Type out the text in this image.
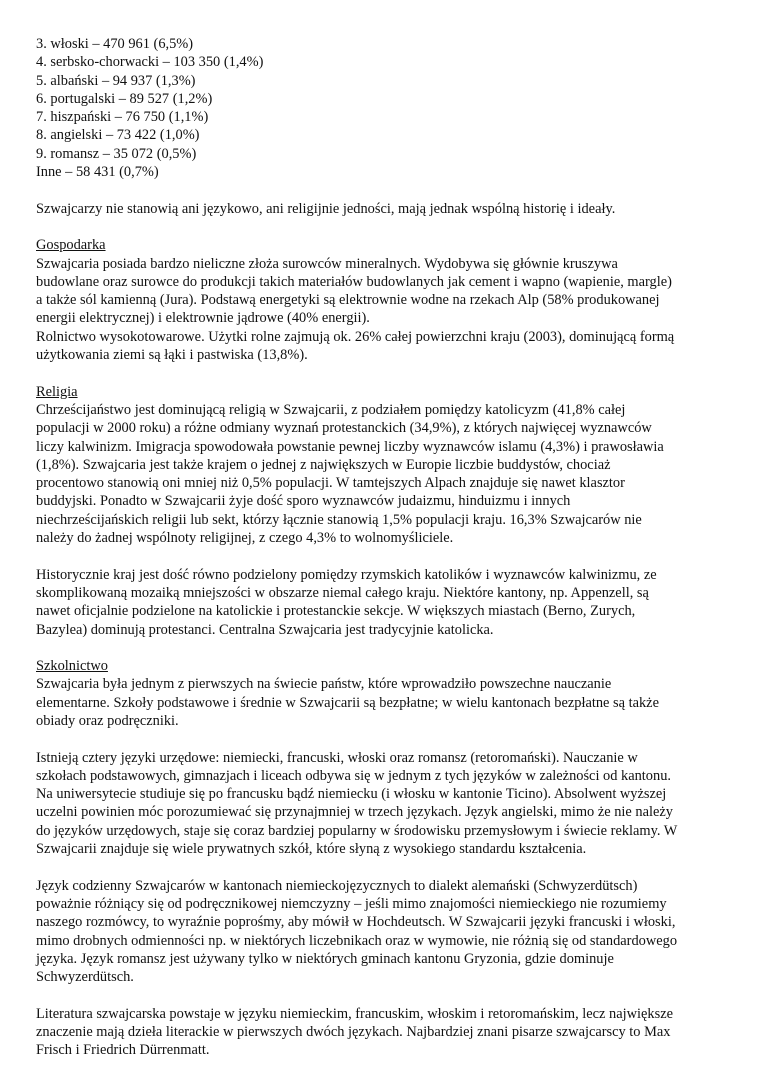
3. włoski – 470 961 (6,5%)
4. serbsko-chorwacki – 103 350 (1,4%)
5. albański – 94 937 (1,3%)
6. portugalski – 89 527 (1,2%)
7. hiszpański – 76 750 (1,1%)
8. angielski – 73 422 (1,0%)
9. romansz – 35 072 (0,5%)
Inne – 58 431 (0,7%)
Szwajcarzy nie stanowią ani językowo, ani religijnie jedności, mają jednak wspólną historię i ideały.
Gospodarka
Szwajcaria posiada bardzo nieliczne złoża surowców mineralnych. Wydobywa się głównie kruszywa
budowlane oraz surowce do produkcji takich materiałów budowlanych jak cement i wapno (wapienie, margle)
a także sól kamienną (Jura). Podstawą energetyki są elektrownie wodne na rzekach Alp (58% produkowanej
energii elektrycznej) i elektrownie jądrowe (40% energii).
Rolnictwo wysokotowarowe. Użytki rolne zajmują ok. 26% całej powierzchni kraju (2003), dominującą formą
użytkowania ziemi są łąki i pastwiska (13,8%).
Religia
Chrześcijaństwo jest dominującą religią w Szwajcarii, z podziałem pomiędzy katolicyzm (41,8% całej
populacji w 2000 roku) a różne odmiany wyznań protestanckich (34,9%), z których najwięcej wyznawców
liczy kalwinizm. Imigracja spowodowała powstanie pewnej liczby wyznawców islamu (4,3%) i prawosławia
(1,8%). Szwajcaria jest także krajem o jednej z największych w Europie liczbie buddystów, chociaż
procentowo stanowią oni mniej niż 0,5% populacji. W tamtejszych Alpach znajduje się nawet klasztor
buddyjski. Ponadto w Szwajcarii żyje dość sporo wyznawców judaizmu, hinduizmu i innych
niechrześcijańskich religii lub sekt, którzy łącznie stanowią 1,5% populacji kraju. 16,3% Szwajcarów nie
należy do żadnej wspólnoty religijnej, z czego 4,3% to wolnomyśliciele.
Historycznie kraj jest dość równo podzielony pomiędzy rzymskich katolików i wyznawców kalwinizmu, ze
skomplikowaną mozaiką mniejszości w obszarze niemal całego kraju. Niektóre kantony, np. Appenzell, są
nawet oficjalnie podzielone na katolickie i protestanckie sekcje. W większych miastach (Berno, Zurych,
Bazylea) dominują protestanci. Centralna Szwajcaria jest tradycyjnie katolicka.
Szkolnictwo
Szwajcaria była jednym z pierwszych na świecie państw, które wprowadziło powszechne nauczanie
elementarne. Szkoły podstawowe i średnie w Szwajcarii są bezpłatne; w wielu kantonach bezpłatne są także
obiady oraz podręczniki.
Istnieją cztery języki urzędowe: niemiecki, francuski, włoski oraz romansz (retoromański). Nauczanie w
szkołach podstawowych, gimnazjach i liceach odbywa się w jednym z tych języków w zależności od kantonu.
Na uniwersytecie studiuje się po francusku bądź niemiecku (i włosku w kantonie Ticino). Absolwent wyższej
uczelni powinien móc porozumiewać się przynajmniej w trzech językach. Język angielski, mimo że nie należy
do języków urzędowych, staje się coraz bardziej popularny w środowisku przemysłowym i świecie reklamy. W
Szwajcarii znajduje się wiele prywatnych szkół, które słyną z wysokiego standardu kształcenia.
Język codzienny Szwajcarów w kantonach niemieckojęzycznych to dialekt alemański (Schwyzerdütsch)
poważnie różniący się od podręcznikowej niemczyzny – jeśli mimo znajomości niemieckiego nie rozumiemy
naszego rozmówcy, to wyraźnie poprośmy, aby mówił w Hochdeutsch. W Szwajcarii języki francuski i włoski,
mimo drobnych odmienności np. w niektórych liczebnikach oraz w wymowie, nie różnią się od standardowego
języka. Język romansz jest używany tylko w niektórych gminach kantonu Gryzonia, gdzie dominuje
Schwyzerdütsch.
Literatura szwajcarska powstaje w języku niemieckim, francuskim, włoskim i retoromańskim, lecz największe
znaczenie mają dzieła literackie w pierwszych dwóch językach. Najbardziej znani pisarze szwajcarscy to Max
Frisch i Friedrich Dürrenmatt.
